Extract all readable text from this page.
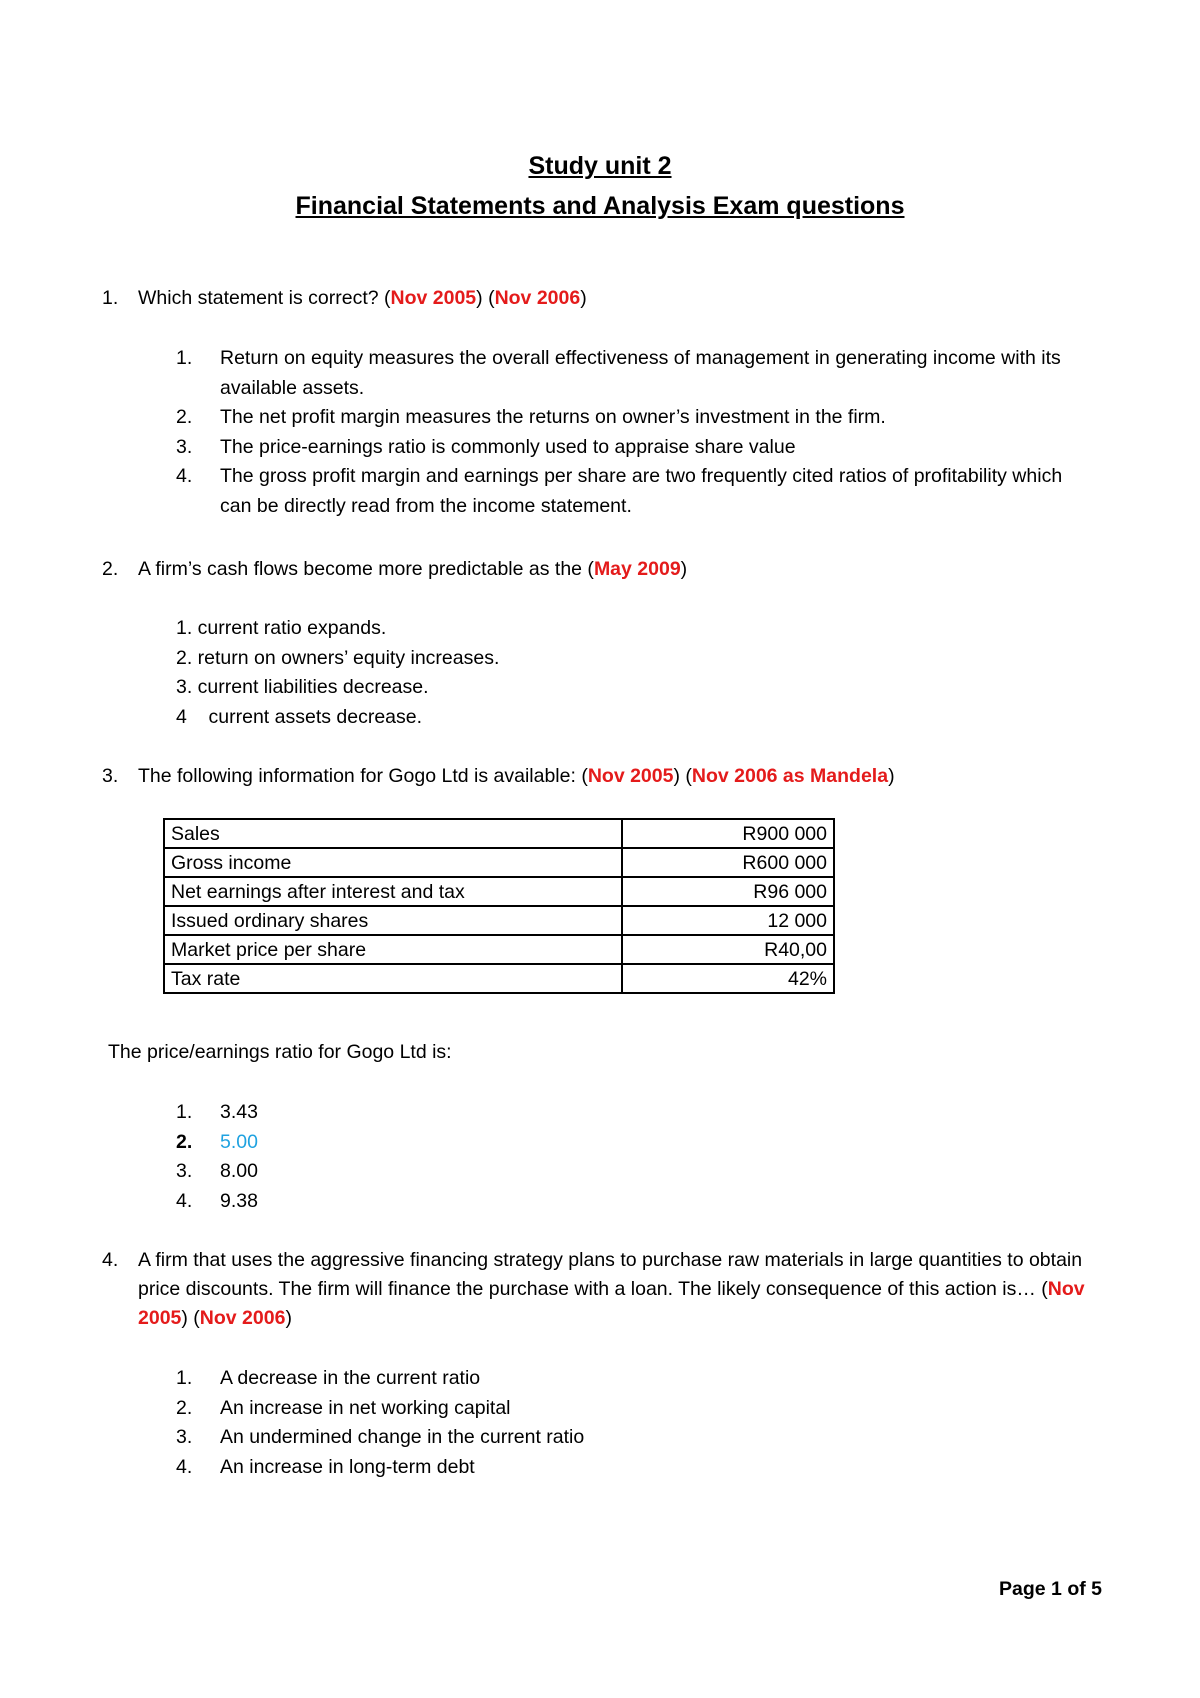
Study unit 2
Financial Statements and Analysis Exam questions
1. Which statement is correct? (Nov 2005) (Nov 2006)
1. Return on equity measures the overall effectiveness of management in generating income with its available assets.
2. The net profit margin measures the returns on owner’s investment in the firm.
3. The price-earnings ratio is commonly used to appraise share value
4. The gross profit margin and earnings per share are two frequently cited ratios of profitability which can be directly read from the income statement.
2. A firm’s cash flows become more predictable as the (May 2009)
1. current ratio expands.
2. return on owners’ equity increases.
3. current liabilities decrease.
4    current assets decrease.
3. The following information for Gogo Ltd is available: (Nov 2005) (Nov 2006 as Mandela)
Sales	R900 000
Gross income	R600 000
Net earnings after interest and tax	R96 000
Issued ordinary shares	12 000
Market price per share	R40,00
Tax rate	42%
The price/earnings ratio for Gogo Ltd is:
1. 3.43
2. 5.00
3. 8.00
4. 9.38
4. A firm that uses the aggressive financing strategy plans to purchase raw materials in large quantities to obtain price discounts. The firm will finance the purchase with a loan. The likely consequence of this action is… (Nov 2005) (Nov 2006)
1. A decrease in the current ratio
2. An increase in net working capital
3. An undermined change in the current ratio
4. An increase in long-term debt
Page 1 of 5
